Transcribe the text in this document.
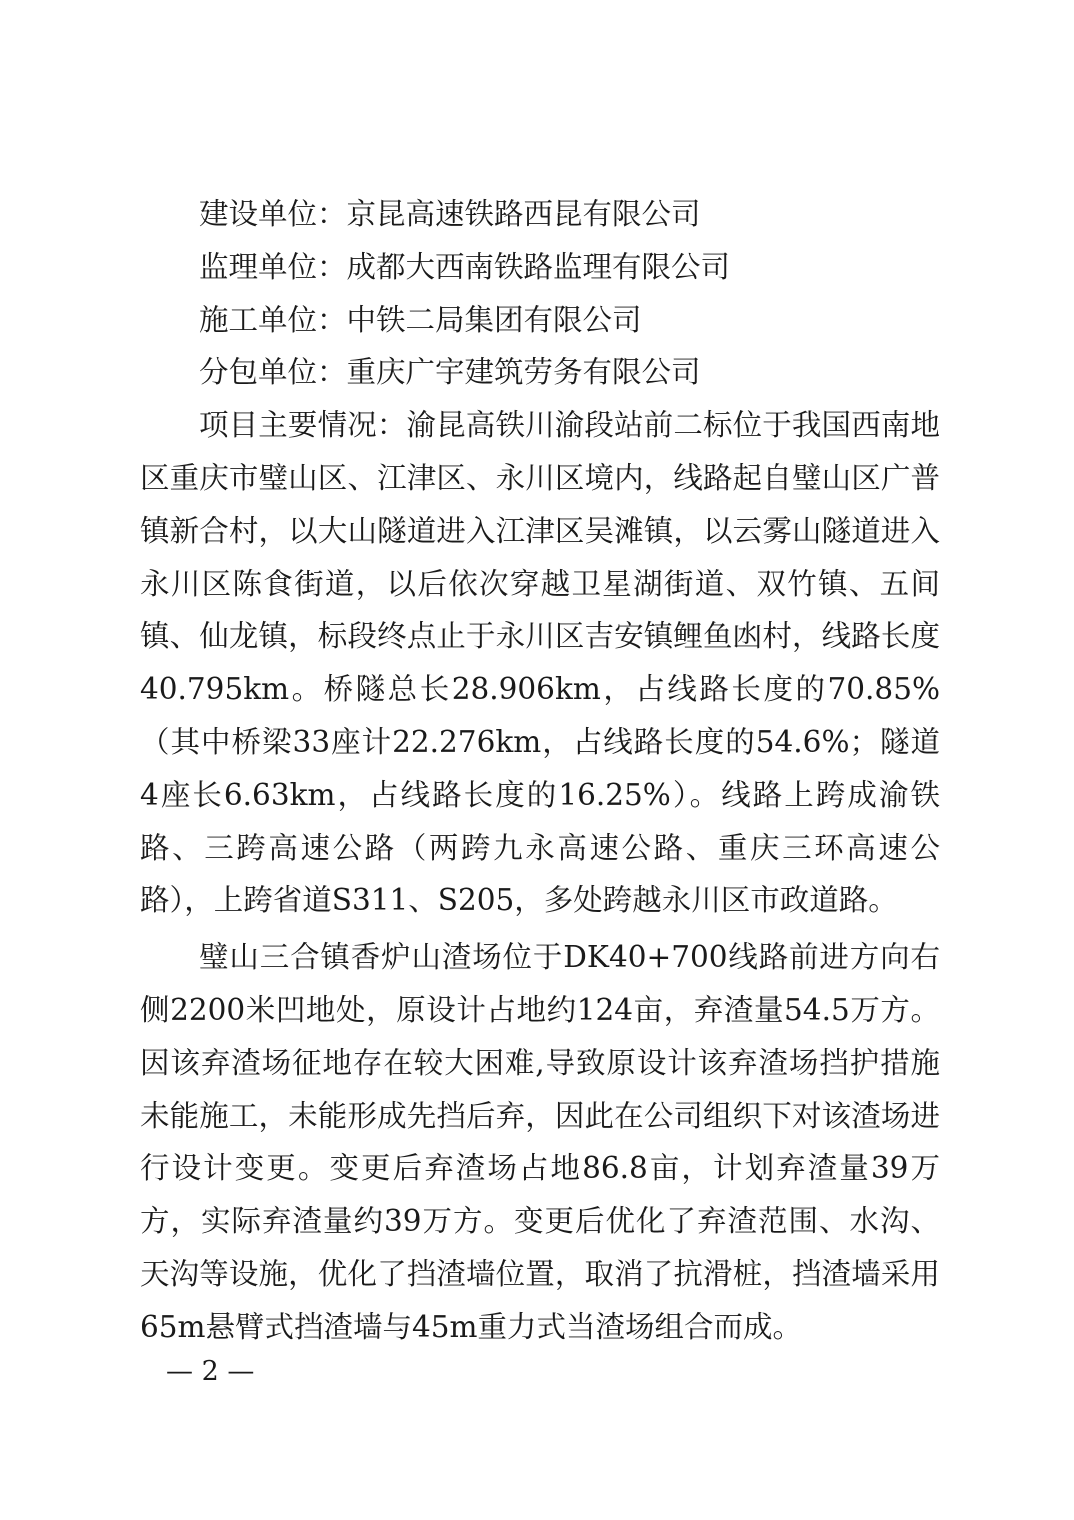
建设单位：京昆高速铁路西昆有限公司

监理单位：成都大西南铁路监理有限公司

施工单位：中铁二局集团有限公司

分包单位：重庆广宇建筑劳务有限公司

项目主要情况：渝昆高铁川渝段站前二标位于我国西南地区重庆市璧山区、江津区、永川区境内，线路起自璧山区广普镇新合村，以大山隧道进入江津区吴滩镇，以云雾山隧道进入永川区陈食街道，以后依次穿越卫星湖街道、双竹镇、五间镇、仙龙镇，标段终点止于永川区吉安镇鲤鱼凼村，线路长度40.795km。桥隧总长28.906km，占线路长度的70.85%（其中桥梁33座计22.276km，占线路长度的54.6%；隧道4座长6.63km，占线路长度的16.25%）。线路上跨成渝铁路、三跨高速公路（两跨九永高速公路、重庆三环高速公路），上跨省道S311、S205，多处跨越永川区市政道路。

璧山三合镇香炉山渣场位于DK40+700线路前进方向右侧2200米凹地处，原设计占地约124亩，弃渣量54.5万方。因该弃渣场征地存在较大困难,导致原设计该弃渣场挡护措施未能施工，未能形成先挡后弃，因此在公司组织下对该渣场进行设计变更。变更后弃渣场占地86.8亩，计划弃渣量39万方，实际弃渣量约39万方。变更后优化了弃渣范围、水沟、天沟等设施，优化了挡渣墙位置，取消了抗滑桩，挡渣墙采用65m悬臂式挡渣墙与45m重力式当渣场组合而成。

— 2 —
